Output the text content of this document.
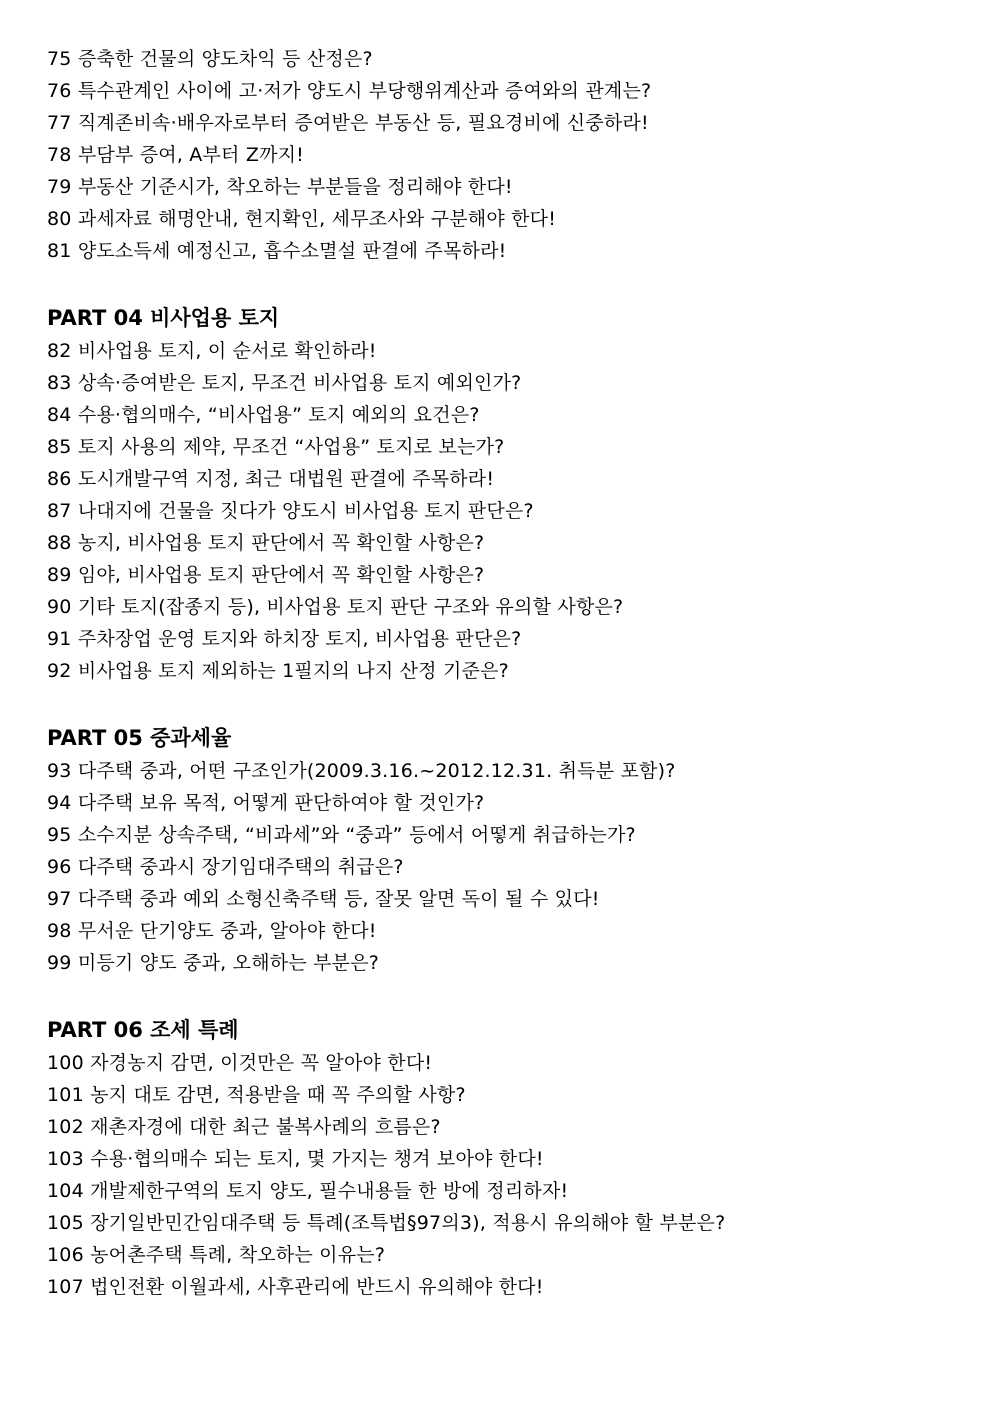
75 증축한 건물의 양도차익 등 산정은?
76 특수관계인 사이에 고·저가 양도시 부당행위계산과 증여와의 관계는?
77 직계존비속·배우자로부터 증여받은 부동산 등, 필요경비에 신중하라!
78 부담부 증여, A부터 Z까지!
79 부동산 기준시가, 착오하는 부분들을 정리해야 한다!
80 과세자료 해명안내, 현지확인, 세무조사와 구분해야 한다!
81 양도소득세 예정신고, 흡수소멸설 판결에 주목하라!
PART 04 비사업용 토지
82 비사업용 토지, 이 순서로 확인하라!
83 상속·증여받은 토지, 무조건 비사업용 토지 예외인가?
84 수용·협의매수, “비사업용” 토지 예외의 요건은?
85 토지 사용의 제약, 무조건 “사업용” 토지로 보는가?
86 도시개발구역 지정, 최근 대법원 판결에 주목하라!
87 나대지에 건물을 짓다가 양도시 비사업용 토지 판단은?
88 농지, 비사업용 토지 판단에서 꼭 확인할 사항은?
89 임야, 비사업용 토지 판단에서 꼭 확인할 사항은?
90 기타 토지(잡종지 등), 비사업용 토지 판단 구조와 유의할 사항은?
91 주차장업 운영 토지와 하치장 토지, 비사업용 판단은?
92 비사업용 토지 제외하는 1필지의 나지 산정 기준은?
PART 05 중과세율
93 다주택 중과, 어떤 구조인가(2009.3.16.~2012.12.31. 취득분 포함)?
94 다주택 보유 목적, 어떻게 판단하여야 할 것인가?
95 소수지분 상속주택, “비과세”와 “중과” 등에서 어떻게 취급하는가?
96 다주택 중과시 장기임대주택의 취급은?
97 다주택 중과 예외 소형신축주택 등, 잘못 알면 독이 될 수 있다!
98 무서운 단기양도 중과, 알아야 한다!
99 미등기 양도 중과, 오해하는 부분은?
PART 06 조세 특례
100 자경농지 감면, 이것만은 꼭 알아야 한다!
101 농지 대토 감면, 적용받을 때 꼭 주의할 사항?
102 재촌자경에 대한 최근 불복사례의 흐름은?
103 수용·협의매수 되는 토지, 몇 가지는 챙겨 보아야 한다!
104 개발제한구역의 토지 양도, 필수내용들 한 방에 정리하자!
105 장기일반민간임대주택 등 특례(조특법§97의3), 적용시 유의해야 할 부분은?
106 농어촌주택 특례, 착오하는 이유는?
107 법인전환 이월과세, 사후관리에 반드시 유의해야 한다!
